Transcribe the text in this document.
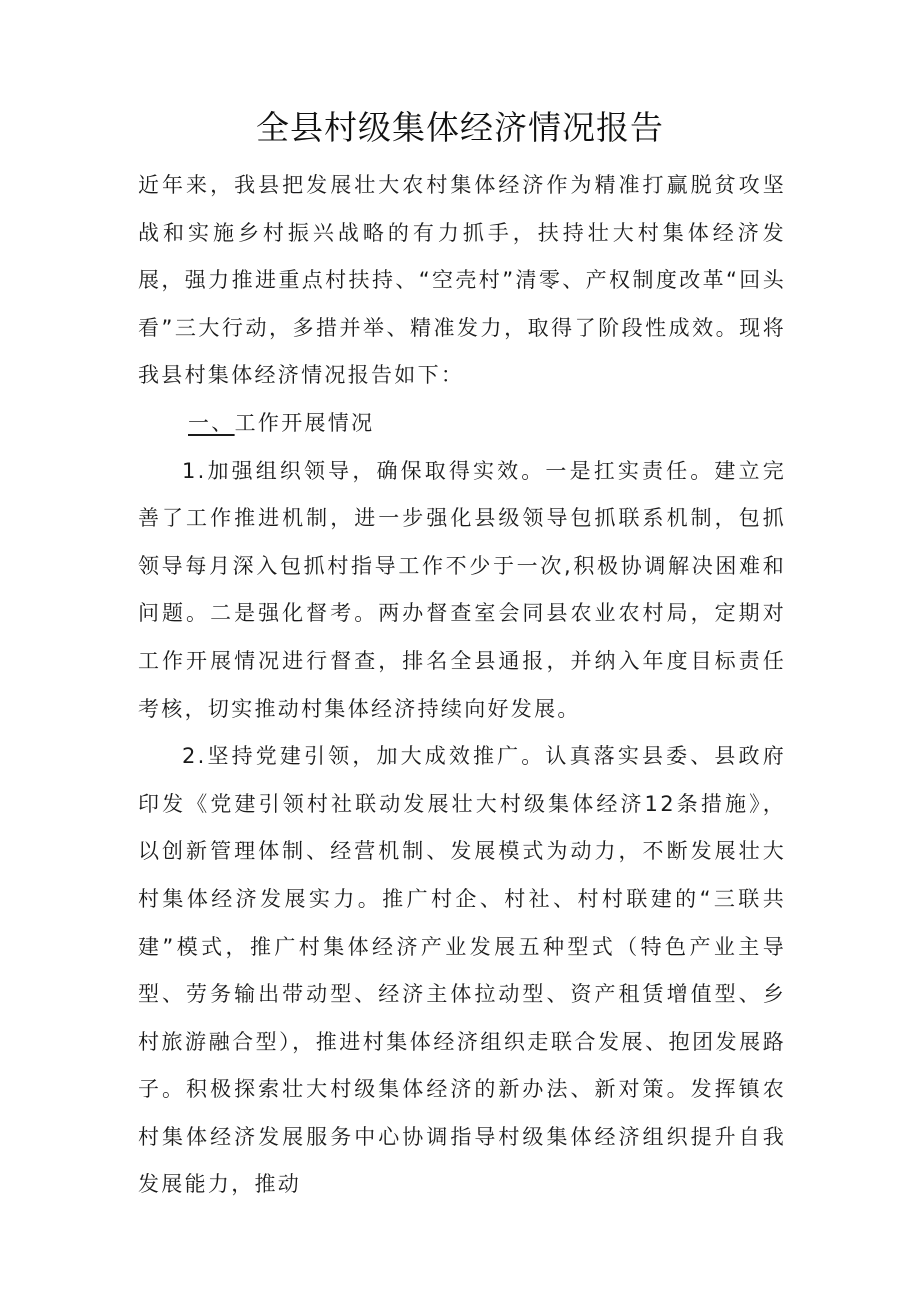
全县村级集体经济情况报告

近年来，我县把发展壮大农村集体经济作为精准打赢脱贫攻坚战和实施乡村振兴战略的有力抓手，扶持壮大村集体经济发展，强力推进重点村扶持、“空壳村”清零、产权制度改革“回头看”三大行动，多措并举、精准发力，取得了阶段性成效。现将我县村集体经济情况报告如下：

一、工作开展情况

1.加强组织领导，确保取得实效。一是扛实责任。建立完善了工作推进机制，进一步强化县级领导包抓联系机制，包抓领导每月深入包抓村指导工作不少于一次,积极协调解决困难和问题。二是强化督考。两办督查室会同县农业农村局，定期对工作开展情况进行督查，排名全县通报，并纳入年度目标责任考核，切实推动村集体经济持续向好发展。

2.坚持党建引领，加大成效推广。认真落实县委、县政府印发《党建引领村社联动发展壮大村级集体经济12条措施》，以创新管理体制、经营机制、发展模式为动力，不断发展壮大村集体经济发展实力。推广村企、村社、村村联建的“三联共建”模式，推广村集体经济产业发展五种型式（特色产业主导型、劳务输出带动型、经济主体拉动型、资产租赁增值型、乡村旅游融合型），推进村集体经济组织走联合发展、抱团发展路子。积极探索壮大村级集体经济的新办法、新对策。发挥镇农村集体经济发展服务中心协调指导村级集体经济组织提升自我发展能力，推动
